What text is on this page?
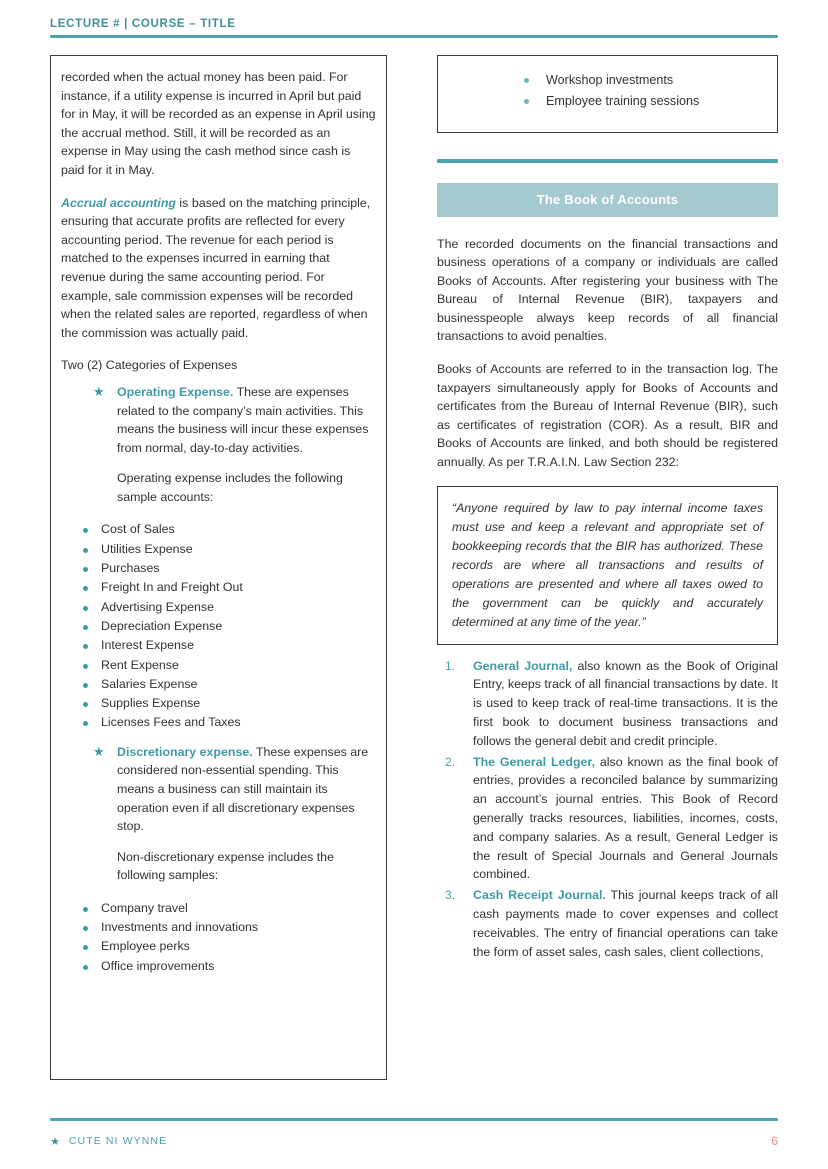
LECTURE # | COURSE – TITLE

recorded when the actual money has been paid. For instance, if a utility expense is incurred in April but paid for in May, it will be recorded as an expense in April using the accrual method. Still, it will be recorded as an expense in May using the cash method since cash is paid for it in May.

Accrual accounting is based on the matching principle, ensuring that accurate profits are reflected for every accounting period. The revenue for each period is matched to the expenses incurred in earning that revenue during the same accounting period. For example, sale commission expenses will be recorded when the related sales are reported, regardless of when the commission was actually paid.

Two (2) Categories of Expenses

★ Operating Expense. These are expenses related to the company’s main activities. This means the business will incur these expenses from normal, day-to-day activities.

Operating expense includes the following sample accounts:

Cost of Sales
Utilities Expense
Purchases
Freight In and Freight Out
Advertising Expense
Depreciation Expense
Interest Expense
Rent Expense
Salaries Expense
Supplies Expense
Licenses Fees and Taxes
★ Discretionary expense. These expenses are considered non-essential spending. This means a business can still maintain its operation even if all discretionary expenses stop.

Non-discretionary expense includes the following samples:

Company travel
Investments and innovations
Employee perks
Office improvements
Workshop investments
Employee training sessions
The Book of Accounts

The recorded documents on the financial transactions and business operations of a company or individuals are called Books of Accounts. After registering your business with The Bureau of Internal Revenue (BIR), taxpayers and businesspeople always keep records of all financial transactions to avoid penalties.

Books of Accounts are referred to in the transaction log. The taxpayers simultaneously apply for Books of Accounts and certificates from the Bureau of Internal Revenue (BIR), such as certificates of registration (COR). As a result, BIR and Books of Accounts are linked, and both should be registered annually. As per T.R.A.I.N. Law Section 232:

“Anyone required by law to pay internal income taxes must use and keep a relevant and appropriate set of bookkeeping records that the BIR has authorized. These records are where all transactions and results of operations are presented and where all taxes owed to the government can be quickly and accurately determined at any time of the year.”
General Journal, also known as the Book of Original Entry, keeps track of all financial transactions by date. It is used to keep track of real-time transactions. It is the first book to document business transactions and follows the general debit and credit principle.
The General Ledger, also known as the final book of entries, provides a reconciled balance by summarizing an account’s journal entries. This Book of Record generally tracks resources, liabilities, incomes, costs, and company salaries. As a result, General Ledger is the result of Special Journals and General Journals combined.
Cash Receipt Journal. This journal keeps track of all cash payments made to cover expenses and collect receivables. The entry of financial operations can take the form of asset sales, cash sales, client collections,
★ CUTE NI WYNNE	6
